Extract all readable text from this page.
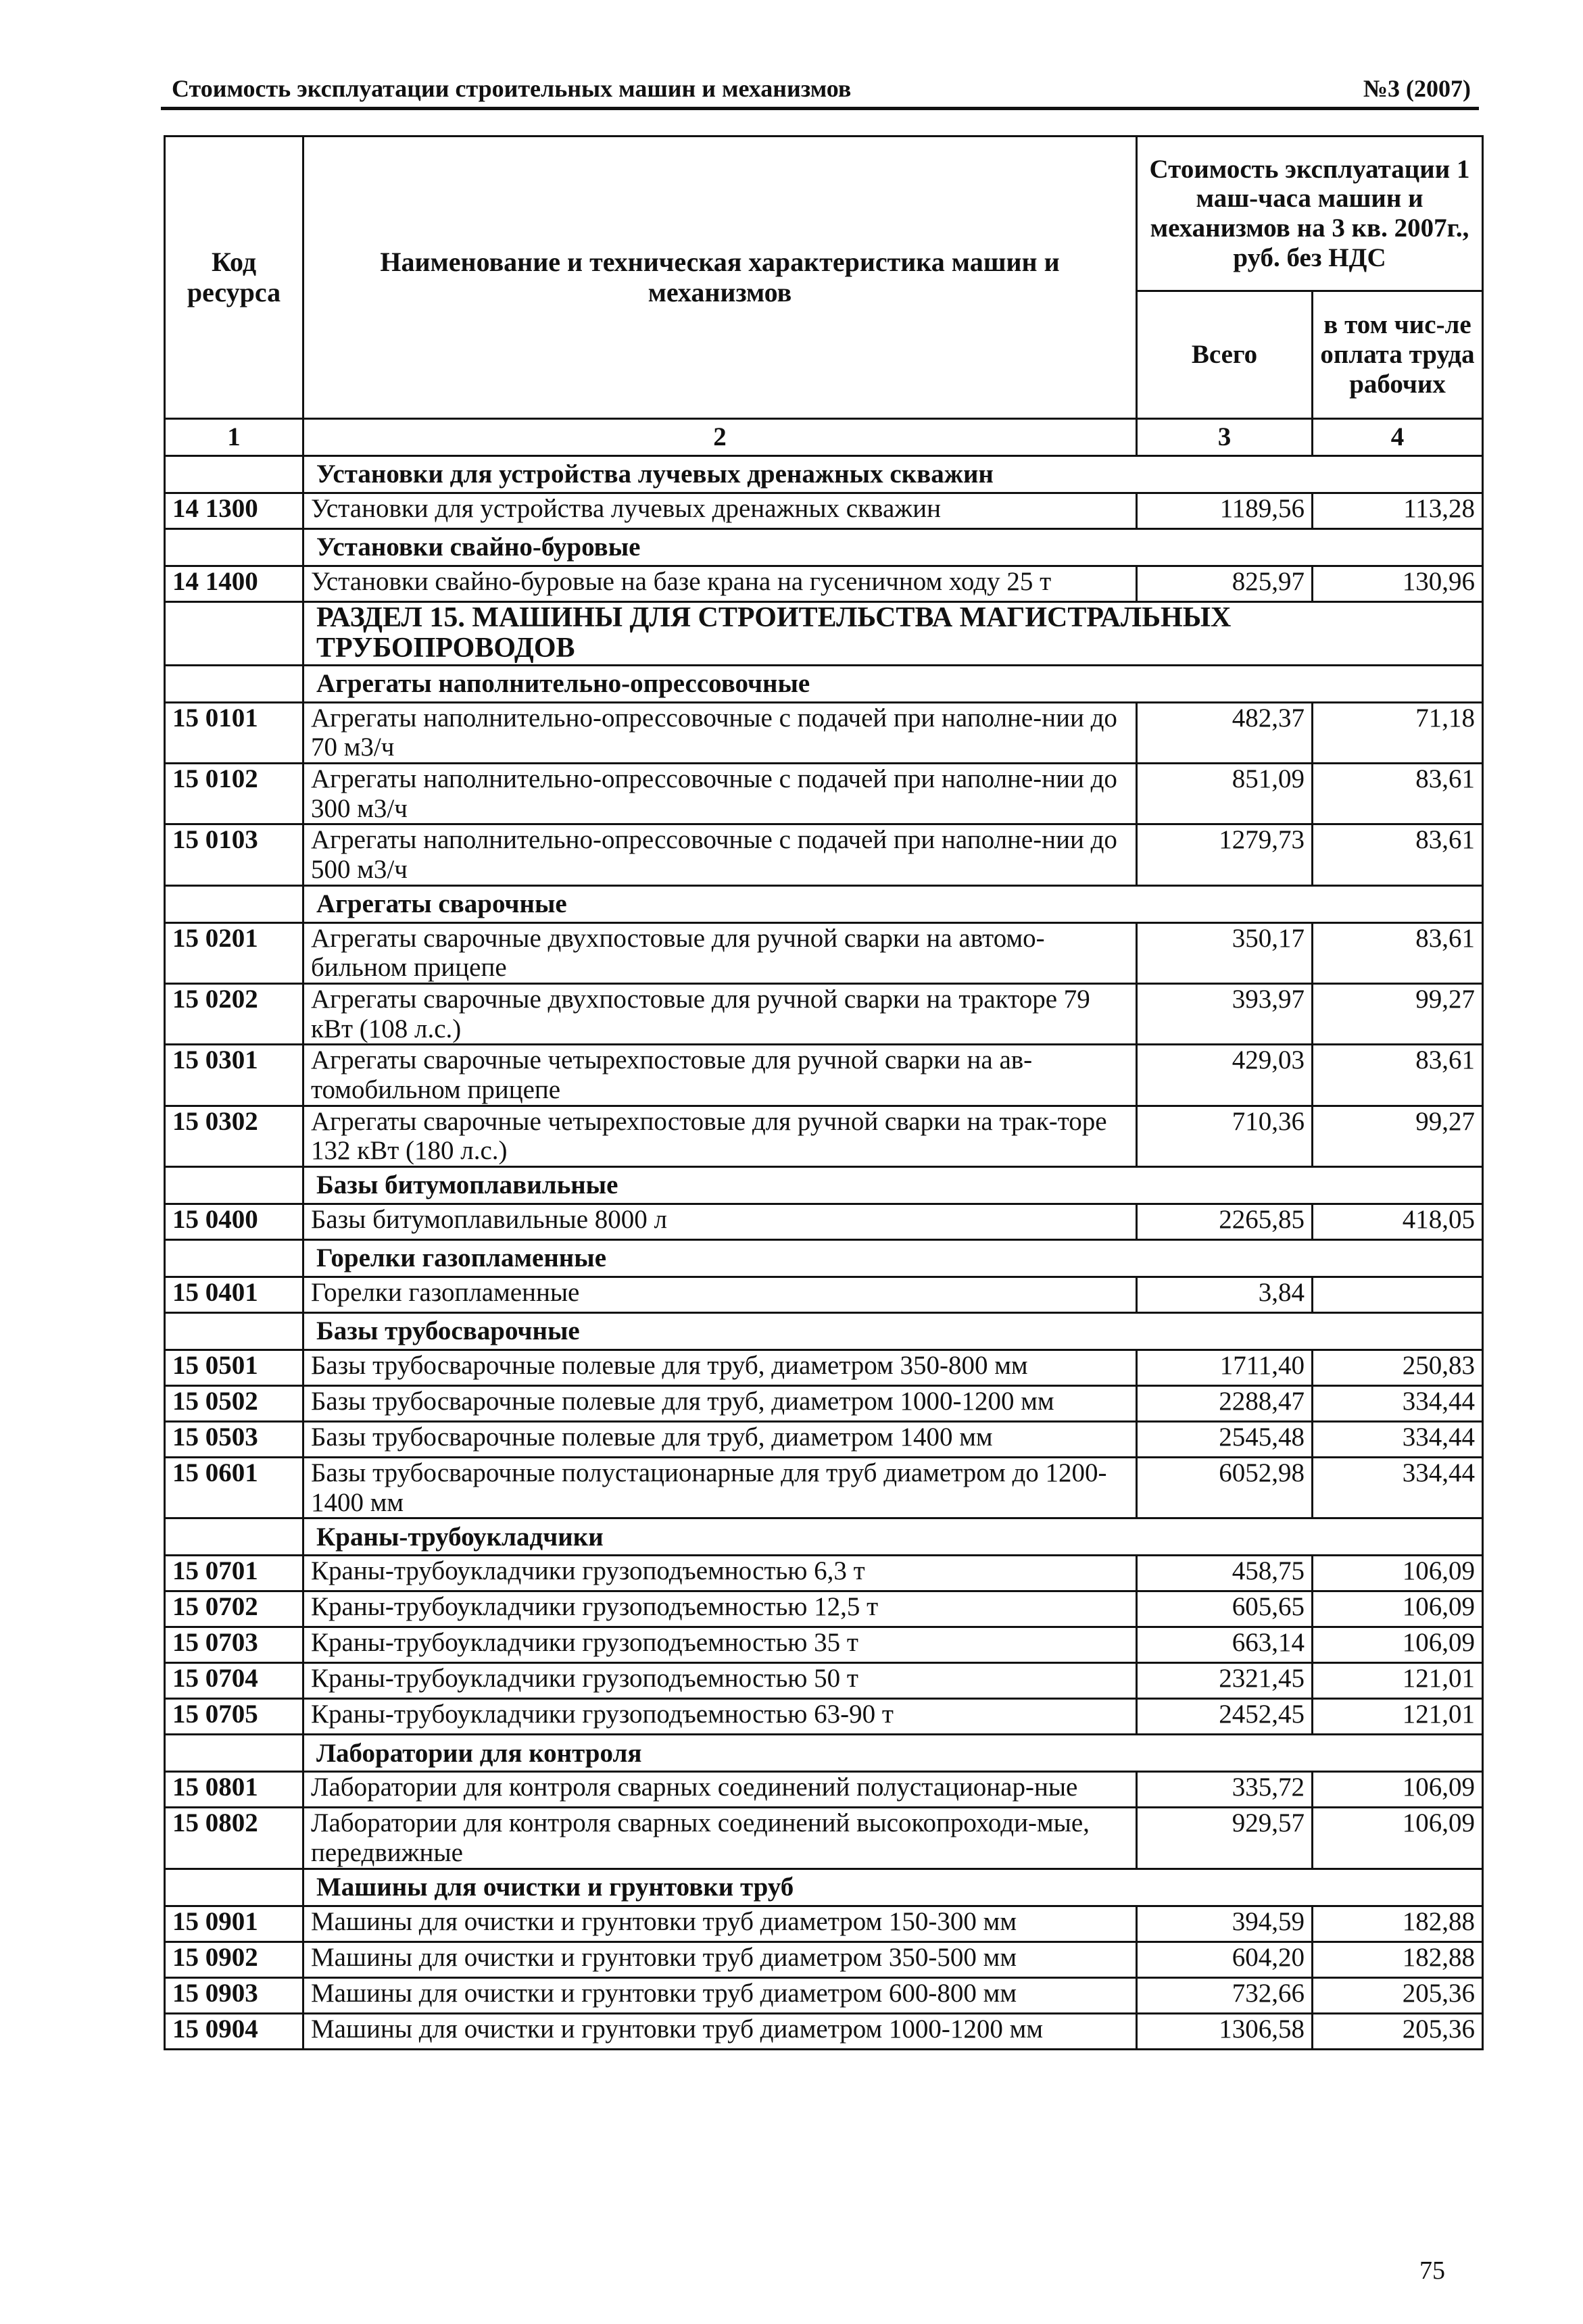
Стоимость эксплуатации строительных машин и механизмов	№3 (2007)
Код ресурса	Наименование и техническая характеристика машин и механизмов	Стоимость эксплуатации 1 маш-часа машин и механизмов на 3 кв. 2007г., руб. без НДС	
		Всего	в том чис-ле оплата труда рабочих
1	2	3	4
	Установки для устройства лучевых дренажных скважин		
14 1300	Установки для устройства лучевых дренажных скважин	1189,56	113,28
	Установки свайно-буровые		
14 1400	Установки свайно-буровые на базе крана на гусеничном ходу 25 т	825,97	130,96
	РАЗДЕЛ 15. МАШИНЫ ДЛЯ СТРОИТЕЛЬСТВА МАГИСТРАЛЬНЫХ ТРУБОПРОВОДОВ		
	Агрегаты наполнительно-опрессовочные		
15 0101	Агрегаты наполнительно-опрессовочные с подачей при наполне-нии до 70 м3/ч	482,37	71,18
15 0102	Агрегаты наполнительно-опрессовочные с подачей при наполне-нии до 300 м3/ч	851,09	83,61
15 0103	Агрегаты наполнительно-опрессовочные с подачей при наполне-нии до 500 м3/ч	1279,73	83,61
	Агрегаты сварочные		
15 0201	Агрегаты сварочные двухпостовые для ручной сварки на автомо-бильном прицепе	350,17	83,61
15 0202	Агрегаты сварочные двухпостовые для ручной сварки на тракторе 79 кВт (108 л.с.)	393,97	99,27
15 0301	Агрегаты сварочные четырехпостовые для ручной сварки на ав-томобильном прицепе	429,03	83,61
15 0302	Агрегаты сварочные четырехпостовые для ручной сварки на трак-торе 132 кВт (180 л.с.)	710,36	99,27
	Базы битумоплавильные		
15 0400	Базы битумоплавильные 8000 л	2265,85	418,05
	Горелки газопламенные		
15 0401	Горелки газопламенные	3,84	
	Базы трубосварочные		
15 0501	Базы трубосварочные полевые для труб, диаметром 350-800 мм	1711,40	250,83
15 0502	Базы трубосварочные полевые для труб, диаметром 1000-1200 мм	2288,47	334,44
15 0503	Базы трубосварочные полевые для труб, диаметром 1400 мм	2545,48	334,44
15 0601	Базы трубосварочные полустационарные для труб диаметром до 1200-1400 мм	6052,98	334,44
	Краны-трубоукладчики		
15 0701	Краны-трубоукладчики грузоподъемностью 6,3 т	458,75	106,09
15 0702	Краны-трубоукладчики грузоподъемностью 12,5 т	605,65	106,09
15 0703	Краны-трубоукладчики грузоподъемностью 35 т	663,14	106,09
15 0704	Краны-трубоукладчики грузоподъемностью 50 т	2321,45	121,01
15 0705	Краны-трубоукладчики грузоподъемностью 63-90 т	2452,45	121,01
	Лаборатории для контроля		
15 0801	Лаборатории для контроля сварных соединений полустационар-ные	335,72	106,09
15 0802	Лаборатории для контроля сварных соединений высокопроходи-мые, передвижные	929,57	106,09
	Машины для очистки и грунтовки труб		
15 0901	Машины для очистки и грунтовки труб диаметром 150-300 мм	394,59	182,88
15 0902	Машины для очистки и грунтовки труб диаметром 350-500 мм	604,20	182,88
15 0903	Машины для очистки и грунтовки труб диаметром 600-800 мм	732,66	205,36
15 0904	Машины для очистки и грунтовки труб диаметром 1000-1200 мм	1306,58	205,36
75
